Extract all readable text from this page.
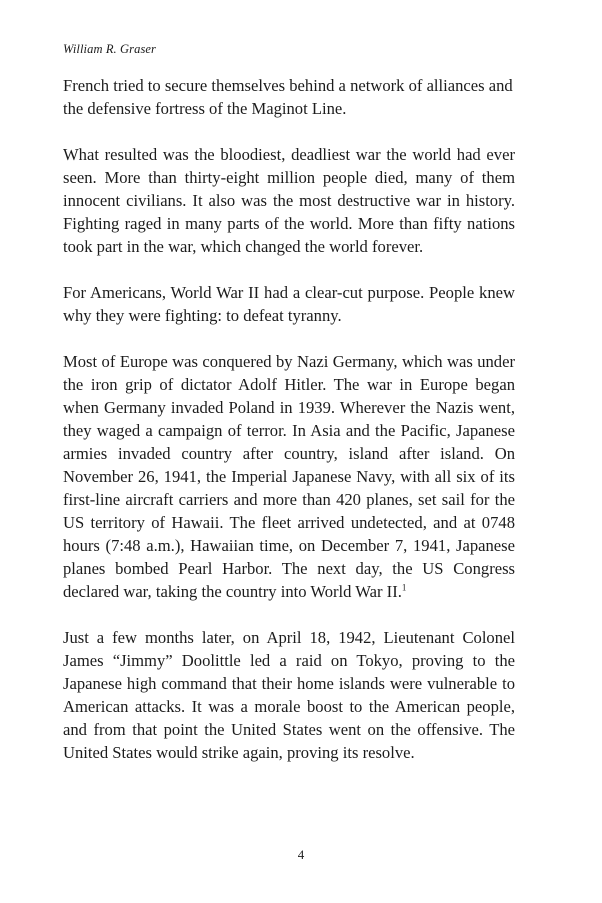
William R. Graser

French tried to secure themselves behind a network of alliances and the defensive fortress of the Maginot Line.

What resulted was the bloodiest, deadliest war the world had ever seen. More than thirty-eight million people died, many of them innocent civilians. It also was the most destructive war in history. Fighting raged in many parts of the world. More than fifty nations took part in the war, which changed the world forever.

For Americans, World War II had a clear-cut purpose. People knew why they were fighting: to defeat tyranny.

Most of Europe was conquered by Nazi Germany, which was under the iron grip of dictator Adolf Hitler. The war in Europe began when Germany invaded Poland in 1939. Wherever the Nazis went, they waged a campaign of terror. In Asia and the Pacific, Japanese armies invaded country after country, island after island. On November 26, 1941, the Imperial Japanese Navy, with all six of its first-line aircraft carriers and more than 420 planes, set sail for the US territory of Hawaii. The fleet arrived undetected, and at 0748 hours (7:48 a.m.), Hawaiian time, on December 7, 1941, Japanese planes bombed Pearl Harbor. The next day, the US Congress declared war, taking the country into World War II.$^1$

Just a few months later, on April 18, 1942, Lieutenant Colonel James “Jimmy” Doolittle led a raid on Tokyo, proving to the Japanese high command that their home islands were vulnerable to American attacks. It was a morale boost to the American people, and from that point the United States went on the offensive. The United States would strike again, proving its resolve.

4
